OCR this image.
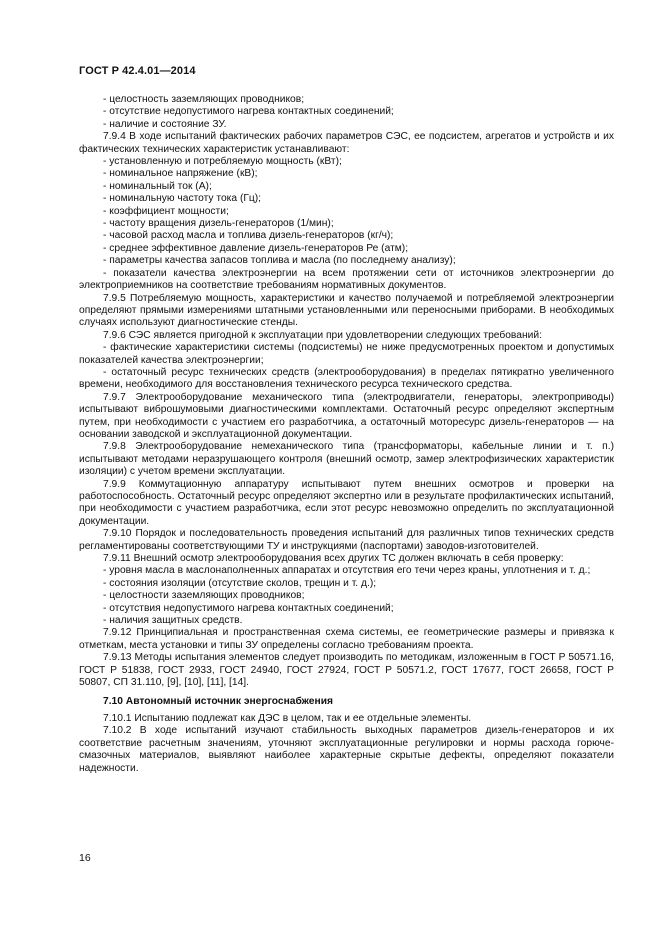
ГОСТ Р 42.4.01—2014

- целостность заземляющих проводников;

- отсутствие недопустимого нагрева контактных соединений;

- наличие и состояние ЗУ.

7.9.4 В ходе испытаний фактических рабочих параметров СЭС, ее подсистем, агрегатов и устройств и их фактических технических характеристик устанавливают:

- установленную и потребляемую мощность (кВт);

- номинальное напряжение (кВ);

- номинальный ток (А);

- номинальную частоту тока (Гц);

- коэффициент мощности;

- частоту вращения дизель-генераторов (1/мин);

- часовой расход масла и топлива дизель-генераторов (кг/ч);

- среднее эффективное давление дизель-генераторов Ре (атм);

- параметры качества запасов топлива и масла (по последнему анализу);

- показатели качества электроэнергии на всем протяжении сети от источников электроэнергии до электроприемников на соответствие требованиям нормативных документов.

7.9.5 Потребляемую мощность, характеристики и качество получаемой и потребляемой электроэнергии определяют прямыми измерениями штатными установленными или переносными приборами. В необходимых случаях используют диагностические стенды.

7.9.6 СЭС является пригодной к эксплуатации при удовлетворении следующих требований:

- фактические характеристики системы (подсистемы) не ниже предусмотренных проектом и допустимых показателей качества электроэнергии;

- остаточный ресурс технических средств (электрооборудования) в пределах пятикратно увеличенного времени, необходимого для восстановления технического ресурса технического средства.

7.9.7 Электрооборудование механического типа (электродвигатели, генераторы, электроприводы) испытывают виброшумовыми диагностическими комплектами. Остаточный ресурс определяют экспертным путем, при необходимости с участием его разработчика, а остаточный моторесурс дизель-генераторов — на основании заводской и эксплуатационной документации.

7.9.8 Электрооборудование немеханического типа (трансформаторы, кабельные линии и т. п.) испытывают методами неразрушающего контроля (внешний осмотр, замер электрофизических характеристик изоляции) с учетом времени эксплуатации.

7.9.9 Коммутационную аппаратуру испытывают путем внешних осмотров и проверки на работоспособность. Остаточный ресурс определяют экспертно или в результате профилактических испытаний, при необходимости с участием разработчика, если этот ресурс невозможно определить по эксплуатационной документации.

7.9.10 Порядок и последовательность проведения испытаний для различных типов технических средств регламентированы соответствующими ТУ и инструкциями (паспортами) заводов-изготовителей.

7.9.11 Внешний осмотр электрооборудования всех других ТС должен включать в себя проверку:

- уровня масла в маслонаполненных аппаратах и отсутствия его течи через краны, уплотнения и т. д.;

- состояния изоляции (отсутствие сколов, трещин и т. д.);

- целостности заземляющих проводников;

- отсутствия недопустимого нагрева контактных соединений;

- наличия защитных средств.

7.9.12 Принципиальная и пространственная схема системы, ее геометрические размеры и привязка к отметкам, места установки и типы ЗУ определены согласно требованиям проекта.

7.9.13 Методы испытания элементов следует производить по методикам, изложенным в ГОСТ Р 50571.16, ГОСТ Р 51838, ГОСТ 2933, ГОСТ 24940, ГОСТ 27924, ГОСТ Р 50571.2, ГОСТ 17677, ГОСТ 26658, ГОСТ Р 50807, СП 31.110, [9], [10], [11], [14].

7.10 Автономный источник энергоснабжения

7.10.1 Испытанию подлежат как ДЭС в целом, так и ее отдельные элементы.

7.10.2 В ходе испытаний изучают стабильность выходных параметров дизель-генераторов и их соответствие расчетным значениям, уточняют эксплуатационные регулировки и нормы расхода горюче-смазочных материалов, выявляют наиболее характерные скрытые дефекты, определяют показатели надежности.

16
